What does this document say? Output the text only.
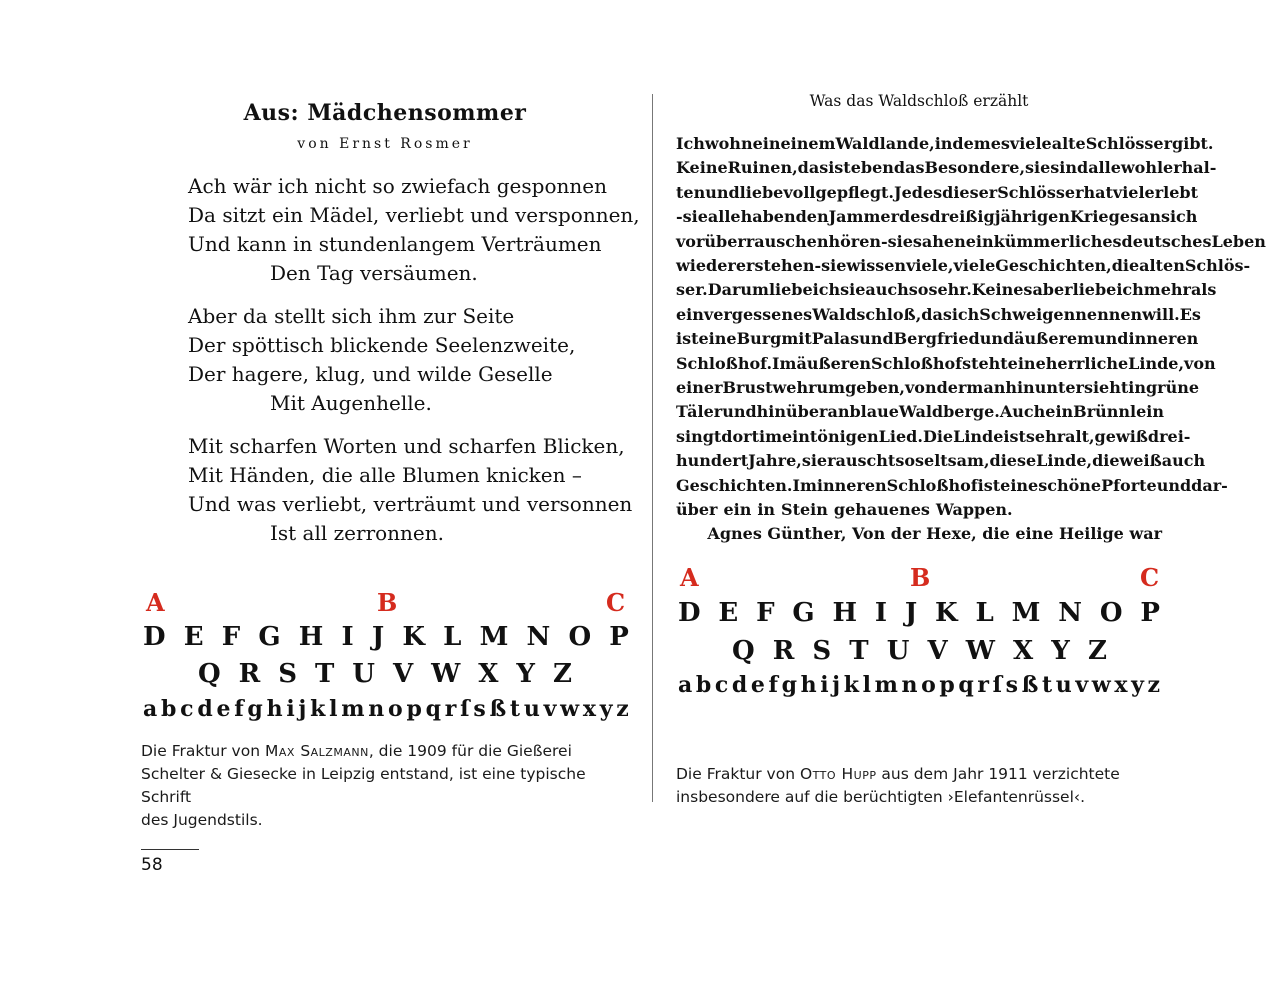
Aus: Mädchensommer
von Ernst Rosmer
Ach wär ich nicht so zwiefach gesponnen
Da sitzt ein Mädel, verliebt und versponnen,
Und kann in stundenlangem Verträumen
Den Tag versäumen.
Aber da stellt sich ihm zur Seite
Der spöttisch blickende Seelenzweite,
Der hagere, klug, und wilde Geselle
Mit Augenhelle.
Mit scharfen Worten und scharfen Blicken,
Mit Händen, die alle Blumen knicken –
Und was verliebt, verträumt und versonnen
Ist all zerronnen.
A	B	C
D E F G H I J K L M N O P
Q R S T U V W X Y Z
a b c d e f g h i j k l m n o p q r ſ s ß t u v w x y z
Die Fraktur von Max Salzmann, die 1909 für die Gießerei
Schelter & Giesecke in Leipzig entstand, ist eine typische Schrift
des Jugendstils.
58
Was das Waldschloß erzählt
Ich wohne in einem Waldlande, in dem es viele alte Schlösser gibt.
Keine Ruinen, das ist eben das Besondere, sie sind alle wohl erhal-
ten und liebevoll gepflegt. Jedes dieser Schlösser hat viel erlebt
- sie alle haben den Jammer des dreißigjährigen Krieges an sich
vorüberrauschen hören - sie sahen ein kümmerliches deutsches Leben
wieder erstehen - sie wissen viele, viele Geschichten, die alten Schlös-
ser. Darum liebe ich sie auch so sehr. Keines aber liebe ich mehr als
ein vergessenes Waldschloß, das ich Schweigen nennen will. Es
ist eine Burg mit Palas und Bergfried und äußerem und inneren
Schloßhof. Im äußeren Schloßhof steht eine herrliche Linde, von
einer Brustwehr umgeben, von der man hinuntersieht in grüne
Täler und hinüber an blaue Waldberge. Auch ein Brünnlein
singt dort im eintönigen Lied. Die Linde ist sehr alt, gewiß drei-
hundert Jahre, sie rauscht so seltsam, diese Linde, die weiß auch
Geschichten. Im inneren Schloßhof ist eine schöne Pforte und dar-
über ein in Stein gehauenes Wappen.
Agnes Günther, Von der Hexe, die eine Heilige war
A	B	C
D E F G H I J K L M N O P
Q R S T U V W X Y Z
a b c d e f g h i j k l m n o p q r ſ s ß t u v w x y z
Die Fraktur von Otto Hupp aus dem Jahr 1911 verzichtete
insbesondere auf die berüchtigten ›Elefantenrüssel‹.
